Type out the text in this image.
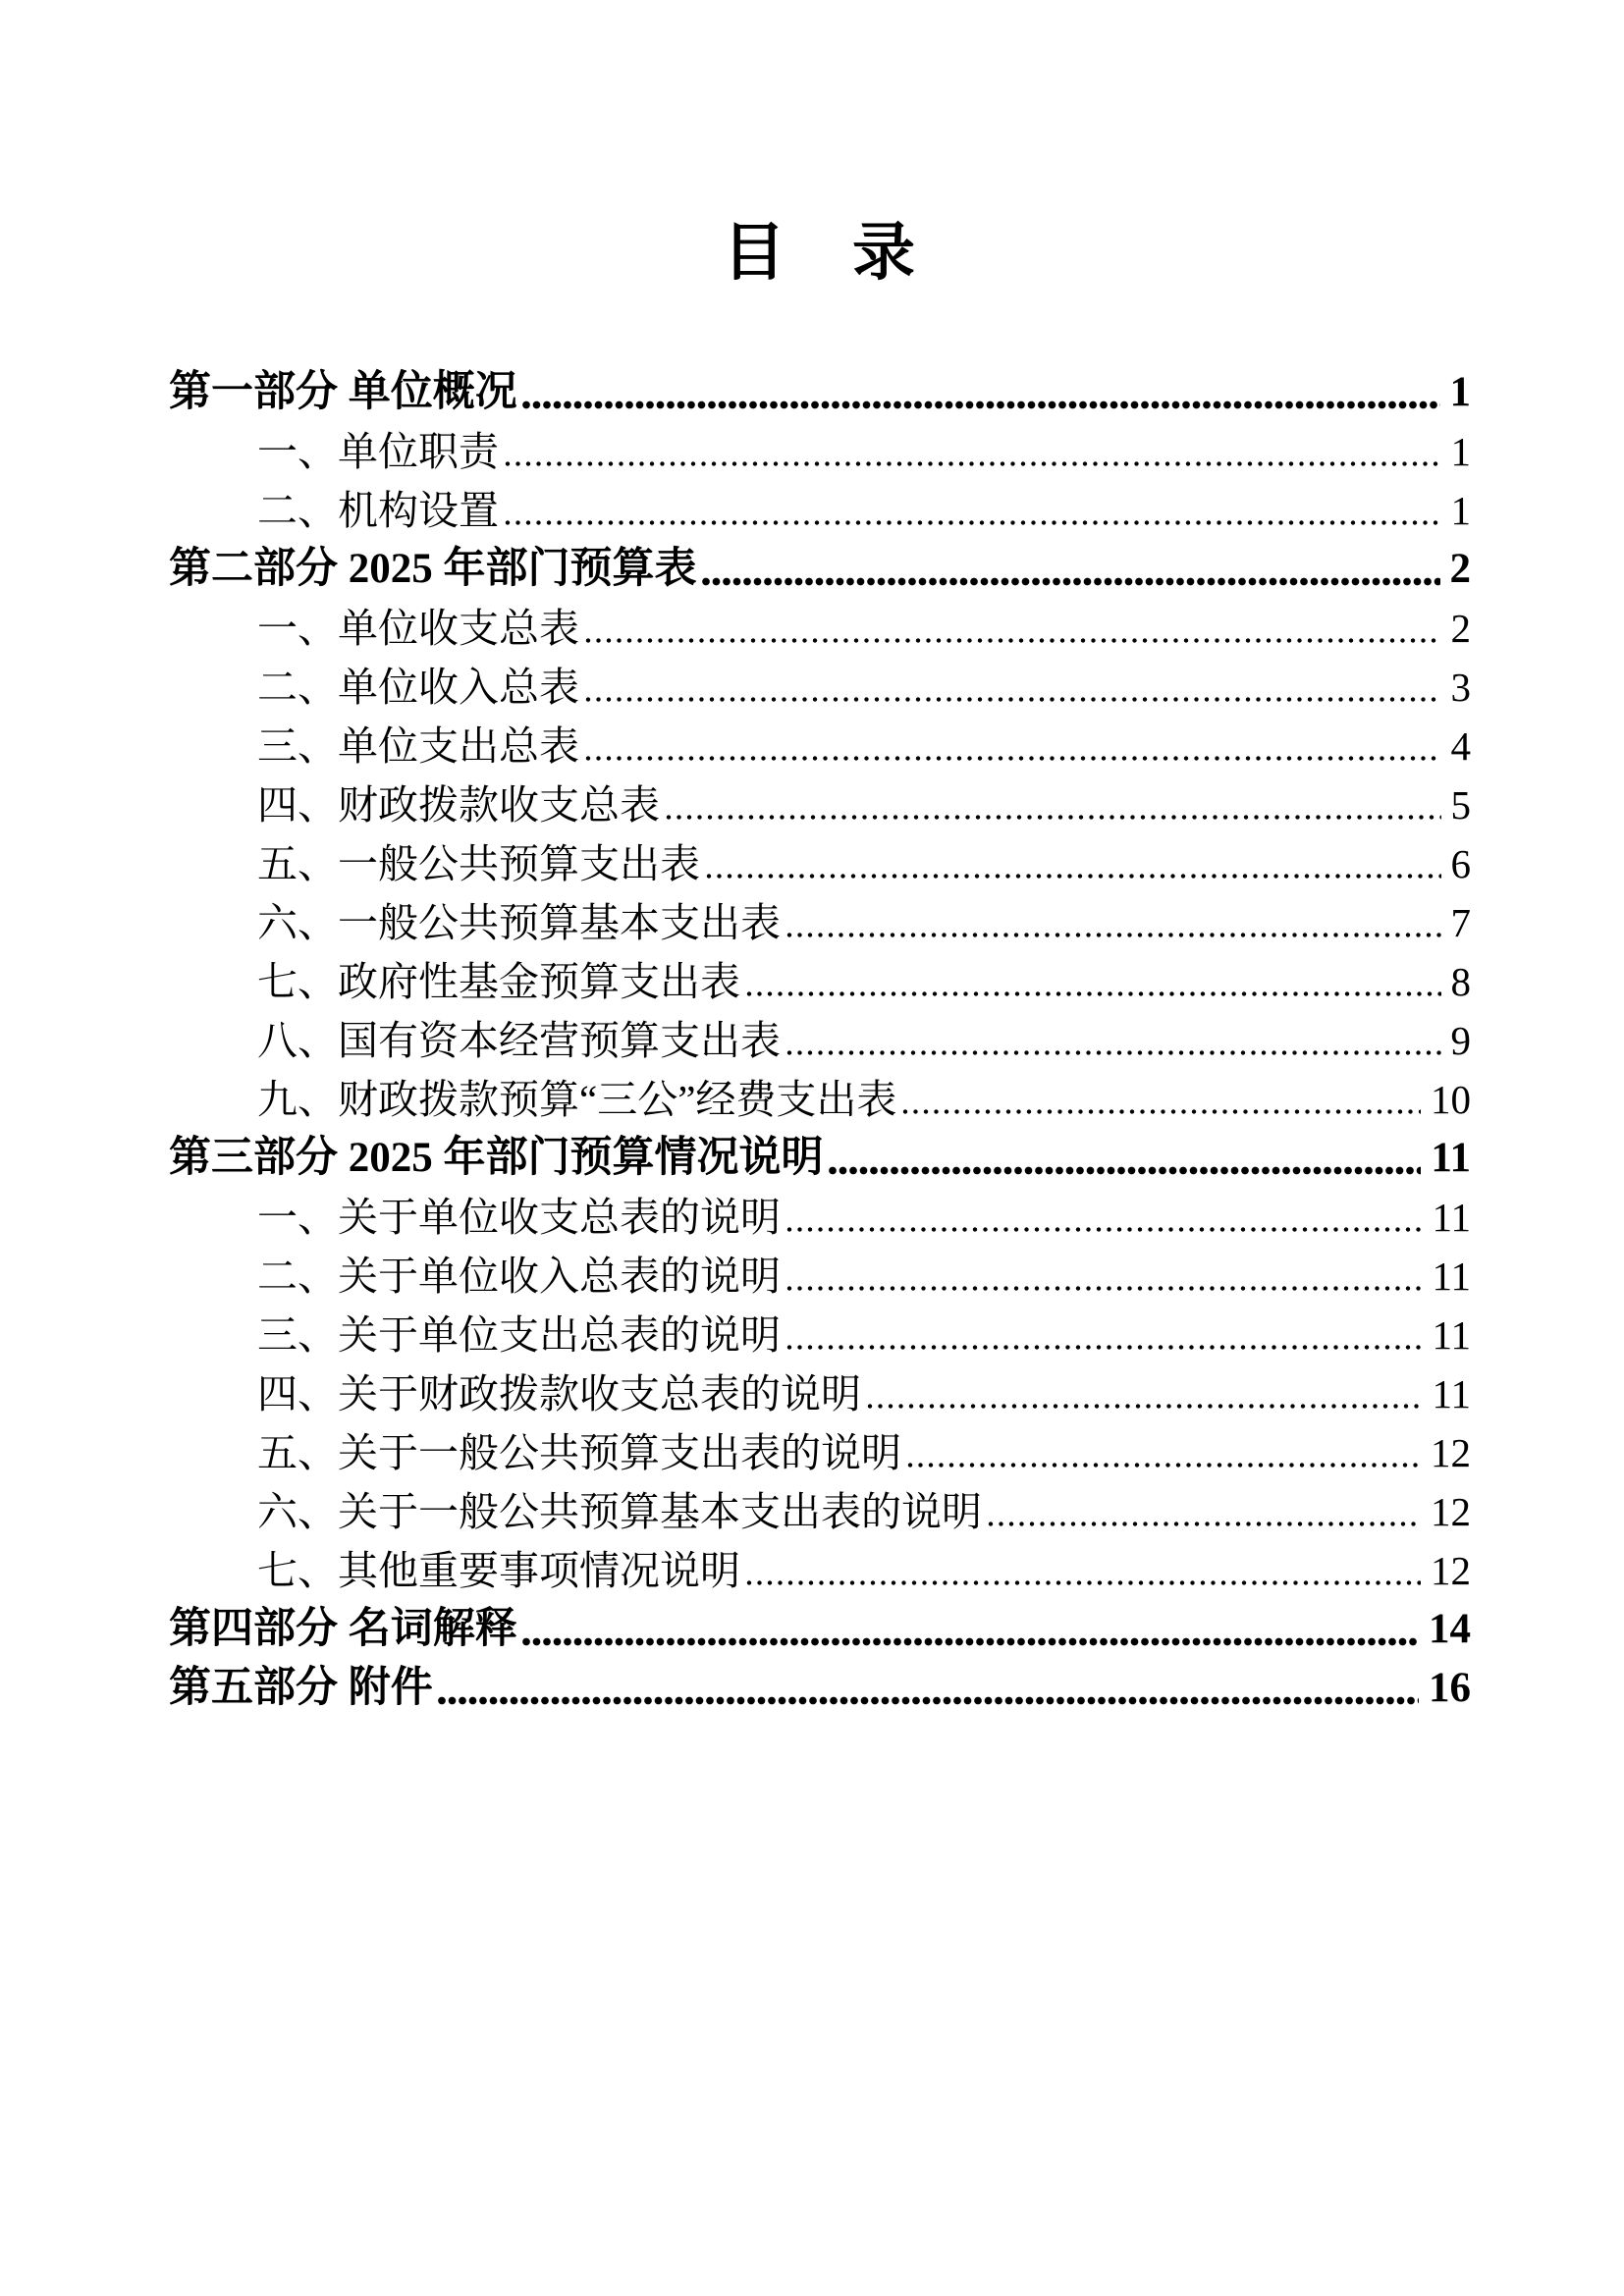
目　录
第一部分 单位概况	1
一、单位职责	1
二、机构设置	1
第二部分 2025 年部门预算表	2
一、单位收支总表	2
二、单位收入总表	3
三、单位支出总表	4
四、财政拨款收支总表	5
五、一般公共预算支出表	6
六、一般公共预算基本支出表	7
七、政府性基金预算支出表	8
八、国有资本经营预算支出表	9
九、财政拨款预算“三公”经费支出表	10
第三部分 2025 年部门预算情况说明	11
一、关于单位收支总表的说明	11
二、关于单位收入总表的说明	11
三、关于单位支出总表的说明	11
四、关于财政拨款收支总表的说明	11
五、关于一般公共预算支出表的说明	12
六、关于一般公共预算基本支出表的说明	12
七、其他重要事项情况说明	12
第四部分 名词解释	14
第五部分 附件	16
